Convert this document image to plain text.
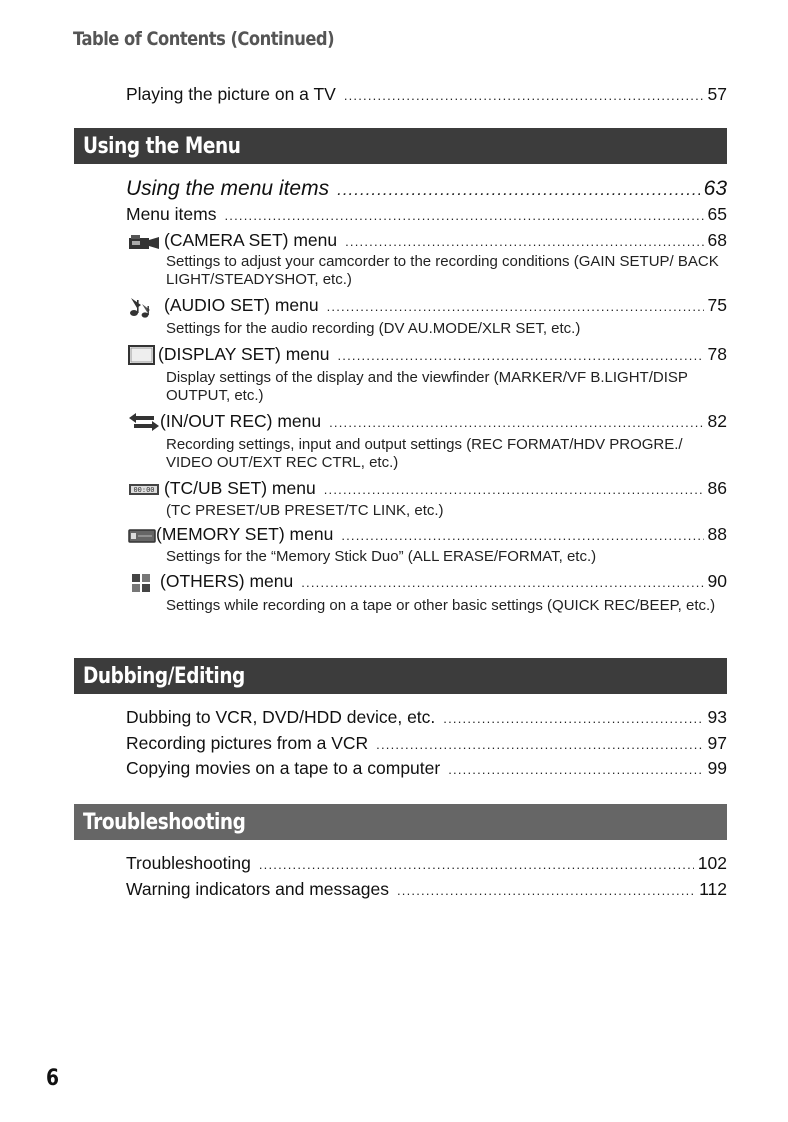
Table of Contents (Continued)
Playing the picture on a TV .....	57
Using the Menu
Using the menu items .....	63
Menu items .....	65
(CAMERA SET) menu .....	68
Settings to adjust your camcorder to the recording conditions (GAIN SETUP/ BACK LIGHT/STEADYSHOT, etc.)
(AUDIO SET) menu .....	75
Settings for the audio recording (DV AU.MODE/XLR SET, etc.)
(DISPLAY SET) menu .....	78
Display settings of the display and the viewfinder (MARKER/VF B.LIGHT/DISP OUTPUT, etc.)
(IN/OUT REC) menu .....	82
Recording settings, input and output settings (REC FORMAT/HDV PROGRE./ VIDEO OUT/EXT REC CTRL, etc.)
00:00 (TC/UB SET) menu .....	86
(TC PRESET/UB PRESET/TC LINK, etc.)
(MEMORY SET) menu .....	88
Settings for the “Memory Stick Duo” (ALL ERASE/FORMAT, etc.)
(OTHERS) menu .....	90
Settings while recording on a tape or other basic settings (QUICK REC/BEEP, etc.)
Dubbing/Editing
Dubbing to VCR, DVD/HDD device, etc. .....	93
Recording pictures from a VCR .....	97
Copying movies on a tape to a computer .....	99
Troubleshooting
Troubleshooting .....	102
Warning indicators and messages .....	112
6
